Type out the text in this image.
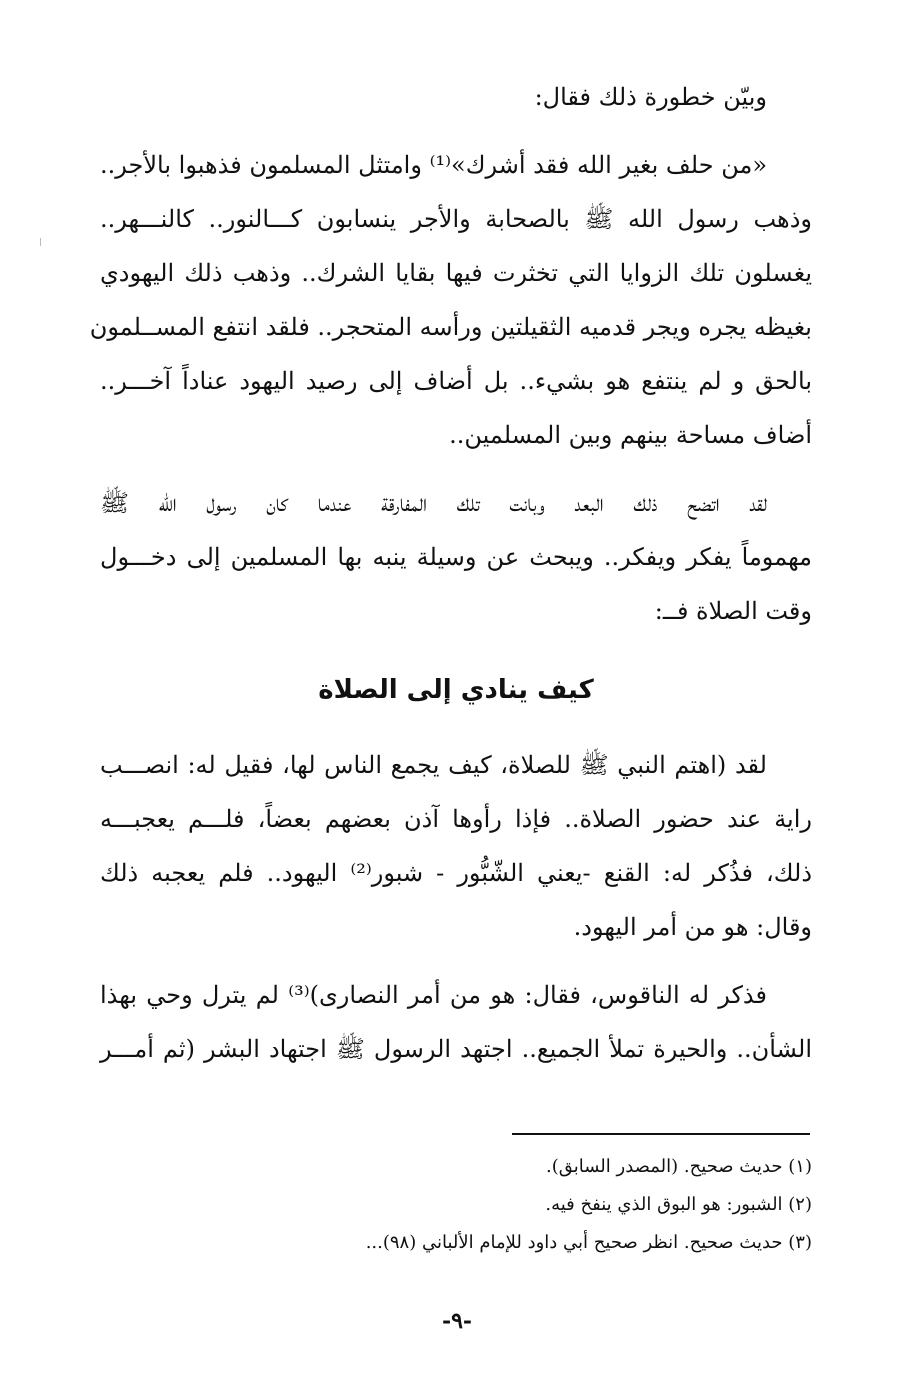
وبيّن خطورة ذلك فقال:
«من حلف بغير الله فقد أشرك»⁽¹⁾ وامتثل المسلمون فذهبوا بالأجر..
وذهب رسول الله ﷺ بالصحابة والأجر ينسابون كـــالنور.. كالنـــهر..
يغسلون تلك الزوايا التي تخثرت فيها بقايا الشرك.. وذهب ذلك اليهودي
بغيظه يجره ويجر قدميه الثقيلتين ورأسه المتحجر.. فلقد انتفع المســلمون
بالحق و لم ينتفع هو بشيء.. بل أضاف إلى رصيد اليهود عناداً آخـــر..
أضاف مساحة بينهم وبين المسلمين..
لقد اتضح ذلك البعد وبانت تلك المفارقة عندما كان رسول الله ﷺ
مهموماً يفكر ويفكر.. ويبحث عن وسيلة ينبه بها المسلمين إلى دخـــول
وقت الصلاة فــ:
كيف ينادي إلى الصلاة
لقد (اهتم النبي ﷺ للصلاة، كيف يجمع الناس لها، فقيل له: انصـــب
راية عند حضور الصلاة.. فإذا رأوها آذن بعضهم بعضاً، فلـــم يعجبـــه
ذلك، فذُكر له: القنع -يعني الشّبُّور - شبور⁽²⁾ اليهود.. فلم يعجبه ذلك
وقال: هو من أمر اليهود.
فذكر له الناقوس، فقال: هو من أمر النصارى)⁽³⁾ لم يترل وحي بهذا
الشأن.. والحيرة تملأ الجميع.. اجتهد الرسول ﷺ اجتهاد البشر (ثم أمـــر
(١) حديث صحيح. (المصدر السابق).
(٢) الشبور: هو البوق الذي ينفخ فيه.
(٣) حديث صحيح. انظر صحيح أبي داود للإمام الألباني (٩٨)...
-٩-
